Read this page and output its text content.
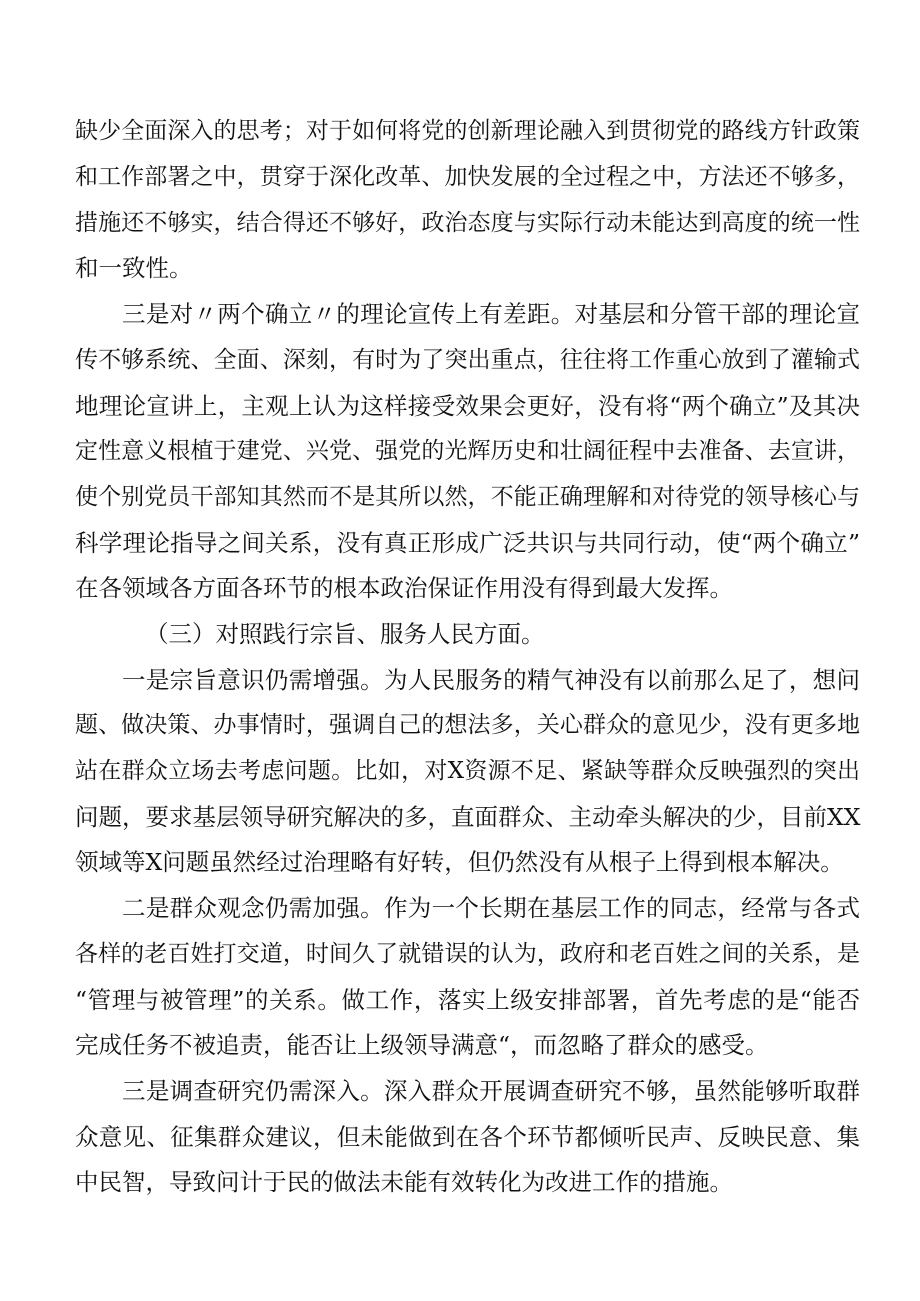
缺少全面深入的思考；对于如何将党的创新理论融入到贯彻党的路线方针政策
和工作部署之中，贯穿于深化改革、加快发展的全过程之中，方法还不够多，
措施还不够实，结合得还不够好，政治态度与实际行动未能达到高度的统一性
和一致性。
三是对〃两个确立〃的理论宣传上有差距。对基层和分管干部的理论宣
传不够系统、全面、深刻，有时为了突出重点，往往将工作重心放到了灌输式
地理论宣讲上，主观上认为这样接受效果会更好，没有将“两个确立”及其决
定性意义根植于建党、兴党、强党的光辉历史和壮阔征程中去准备、去宣讲，
使个别党员干部知其然而不是其所以然，不能正确理解和对待党的领导核心与
科学理论指导之间关系，没有真正形成广泛共识与共同行动，使“两个确立”
在各领域各方面各环节的根本政治保证作用没有得到最大发挥。
（三）对照践行宗旨、服务人民方面。
一是宗旨意识仍需增强。为人民服务的精气神没有以前那么足了，想问
题、做决策、办事情时，强调自己的想法多，关心群众的意见少，没有更多地
站在群众立场去考虑问题。比如，对X资源不足、紧缺等群众反映强烈的突出
问题，要求基层领导研究解决的多，直面群众、主动牵头解决的少，目前XX
领域等X问题虽然经过治理略有好转，但仍然没有从根子上得到根本解决。
二是群众观念仍需加强。作为一个长期在基层工作的同志，经常与各式
各样的老百姓打交道，时间久了就错误的认为，政府和老百姓之间的关系，是
“管理与被管理”的关系。做工作，落实上级安排部署，首先考虑的是“能否
完成任务不被追责，能否让上级领导满意“，而忽略了群众的感受。
三是调查研究仍需深入。深入群众开展调查研究不够，虽然能够听取群
众意见、征集群众建议，但未能做到在各个环节都倾听民声、反映民意、集
中民智，导致问计于民的做法未能有效转化为改进工作的措施。
